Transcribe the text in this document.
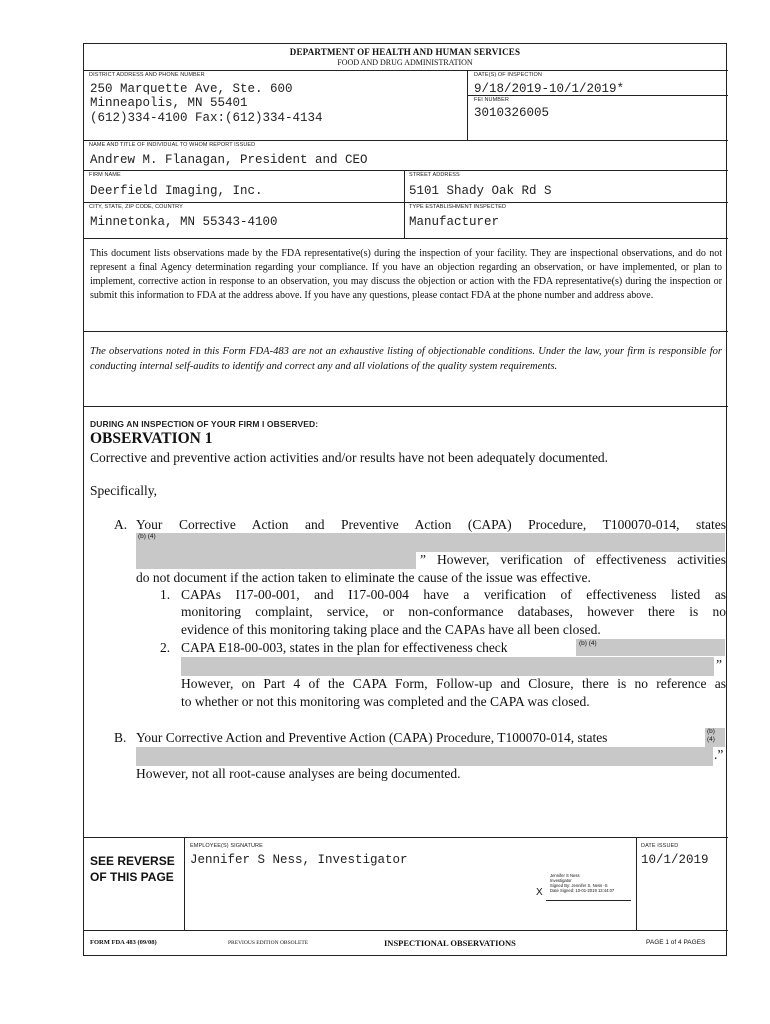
DEPARTMENT OF HEALTH AND HUMAN SERVICES
FOOD AND DRUG ADMINISTRATION
DISTRICT ADDRESS AND PHONE NUMBER
250 Marquette Ave, Ste. 600
Minneapolis, MN 55401
(612)334-4100 Fax:(612)334-4134
DATE(S) OF INSPECTION
9/18/2019-10/1/2019*
FEI NUMBER
3010326005
NAME AND TITLE OF INDIVIDUAL TO WHOM REPORT ISSUED
Andrew M. Flanagan, President and CEO
FIRM NAME
Deerfield Imaging, Inc.
STREET ADDRESS
5101 Shady Oak Rd S
CITY, STATE, ZIP CODE, COUNTRY
Minnetonka, MN 55343-4100
TYPE ESTABLISHMENT INSPECTED
Manufacturer
This document lists observations made by the FDA representative(s) during the inspection of your facility. They are inspectional observations, and do not represent a final Agency determination regarding your compliance. If you have an objection regarding an observation, or have implemented, or plan to implement, corrective action in response to an observation, you may discuss the objection or action with the FDA representative(s) during the inspection or submit this information to FDA at the address above. If you have any questions, please contact FDA at the phone number and address above.
The observations noted in this Form FDA-483 are not an exhaustive listing of objectionable conditions. Under the law, your firm is responsible for conducting internal self-audits to identify and correct any and all violations of the quality system requirements.
DURING AN INSPECTION OF YOUR FIRM I OBSERVED:
OBSERVATION 1
Corrective and preventive action activities and/or results have not been adequately documented.
Specifically,
A. Your Corrective Action and Preventive Action (CAPA) Procedure, T100070-014, states
(b) (4)
” However, verification of effectiveness activities
do not document if the action taken to eliminate the cause of the issue was effective.
1. CAPAs I17-00-001, and I17-00-004 have a verification of effectiveness listed as
monitoring complaint, service, or non-conformance databases, however there is no
evidence of this monitoring taking place and the CAPAs have all been closed.
2. CAPA E18-00-003, states in the plan for effectiveness check	(b) (4)
”
However, on Part 4 of the CAPA Form, Follow-up and Closure, there is no reference as
to whether or not this monitoring was completed and the CAPA was closed.
B. Your Corrective Action and Preventive Action (CAPA) Procedure, T100070-014, states	(b)
(4)
.”
However, not all root-cause analyses are being documented.
SEE REVERSE
OF THIS PAGE
EMPLOYEE(S) SIGNATURE
Jennifer S Ness, Investigator
Jennifer S Ness
Investigator
Signed By: Jennifer S. Ness -S
Date Signed: 10-01-2019 13:44:07
X
DATE ISSUED
10/1/2019
FORM FDA 483 (09/08)	PREVIOUS EDITION OBSOLETE	INSPECTIONAL OBSERVATIONS	PAGE 1 of 4 PAGES
